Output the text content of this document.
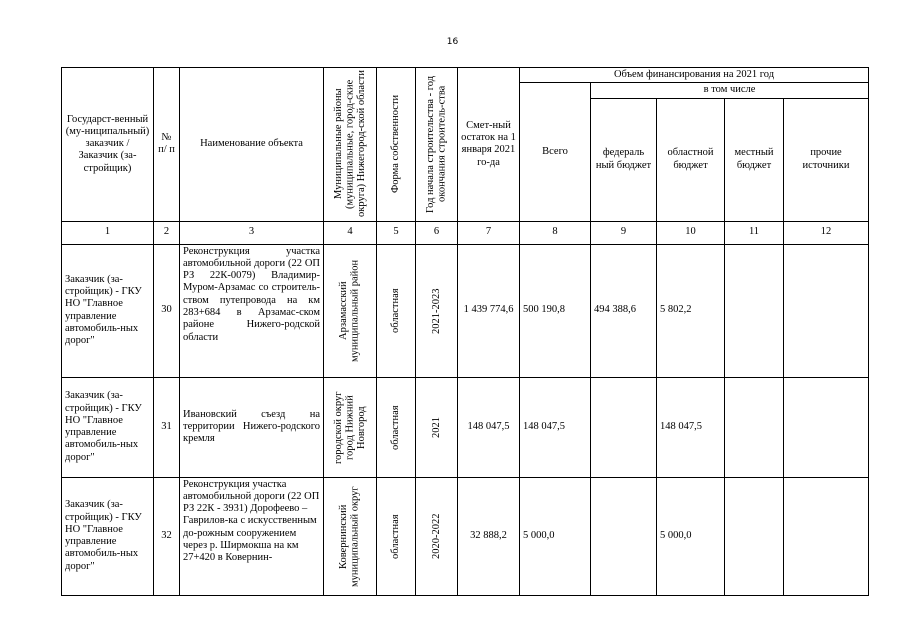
16
Государст-венный (му-ниципальный) заказчик / Заказчик (за-стройщик)	№ п/ п	Наименование объекта	Муниципальные районы (муниципальные, город-ские округа) Нижегород-ской области	Форма собственности	Год начала строительства - год окончания строитель-ства	Смет-ный остаток на 1 января 2021 го-да	Объем финансирования на 2021 год				
							Всего	в том числе			
								федераль ный бюджет	областной бюджет	местный бюджет	прочие источники
1	2	3	4	5	6	7	8	9	10	11	12
Заказчик (за-стройщик) - ГКУ НО "Главное управление автомобиль-ных дорог"	30	Реконструкция участка автомобильной дороги (22 ОП РЗ 22К-0079) Владимир-Муром-Арзамас со строитель-ством путепровода на км 283+684 в Арзамас-ском районе Нижего-родской области	Арзамасский муниципальный район	областная	2021-2023	1 439 774,6	500 190,8	494 388,6	5 802,2		
Заказчик (за-стройщик) - ГКУ НО "Главное управление автомобиль-ных дорог"	31	Ивановский съезд на территории Нижего-родского кремля	городской округ город Нижний Новгород	областная	2021	148 047,5	148 047,5		148 047,5		
Заказчик (за-стройщик) - ГКУ НО "Главное управление автомобиль-ных дорог"	32	Реконструкция участка автомобильной дороги (22 ОП РЗ 22К - 3931) Дорофеево – Гаврилов-ка с искусственным до-рожным сооружением через р. Ширмокша на км 27+420 в Ковернин-	Ковернинский муниципальный округ	областная	2020-2022	32 888,2	5 000,0		5 000,0		
